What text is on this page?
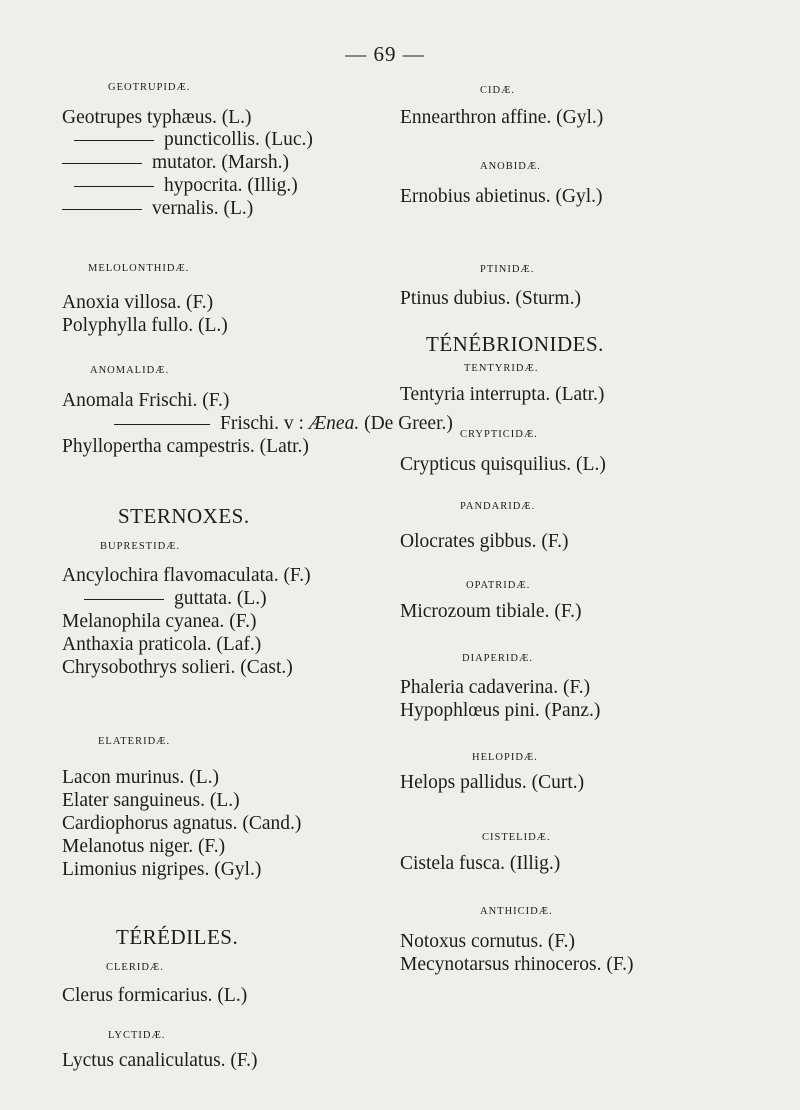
— 69 —
GEOTRUPIDÆ.
Geotrupes typhæus. (L.)
puncticollis. (Luc.)
mutator. (Marsh.)
hypocrita. (Illig.)
vernalis. (L.)
MELOLONTHIDÆ.
Anoxia villosa. (F.)
Polyphylla fullo. (L.)
ANOMALIDÆ.
Anomala Frischi. (F.)
Frischi. v : Ænea. (De Greer.)
Phyllopertha campestris. (Latr.)
STERNOXES.
BUPRESTIDÆ.
Ancylochira flavomaculata. (F.)
guttata. (L.)
Melanophila cyanea. (F.)
Anthaxia praticola. (Laf.)
Chrysobothrys solieri. (Cast.)
ELATERIDÆ.
Lacon murinus. (L.)
Elater sanguineus. (L.)
Cardiophorus agnatus. (Cand.)
Melanotus niger. (F.)
Limonius nigripes. (Gyl.)
TÉRÉDILES.
CLERIDÆ.
Clerus formicarius. (L.)
LYCTIDÆ.
Lyctus canaliculatus. (F.)
CIDÆ.
Ennearthron affine. (Gyl.)
ANOBIDÆ.
Ernobius abietinus. (Gyl.)
PTINIDÆ.
Ptinus dubius. (Sturm.)
TÉNÉBRIONIDES.
TENTYRIDÆ.
Tentyria interrupta. (Latr.)
CRYPTICIDÆ.
Crypticus quisquilius. (L.)
PANDARIDÆ.
Olocrates gibbus. (F.)
OPATRIDÆ.
Microzoum tibiale. (F.)
DIAPERIDÆ.
Phaleria cadaverina. (F.)
Hypophlœus pini. (Panz.)
HELOPIDÆ.
Helops pallidus. (Curt.)
CISTELIDÆ.
Cistela fusca. (Illig.)
ANTHICIDÆ.
Notoxus cornutus. (F.)
Mecynotarsus rhinoceros. (F.)
